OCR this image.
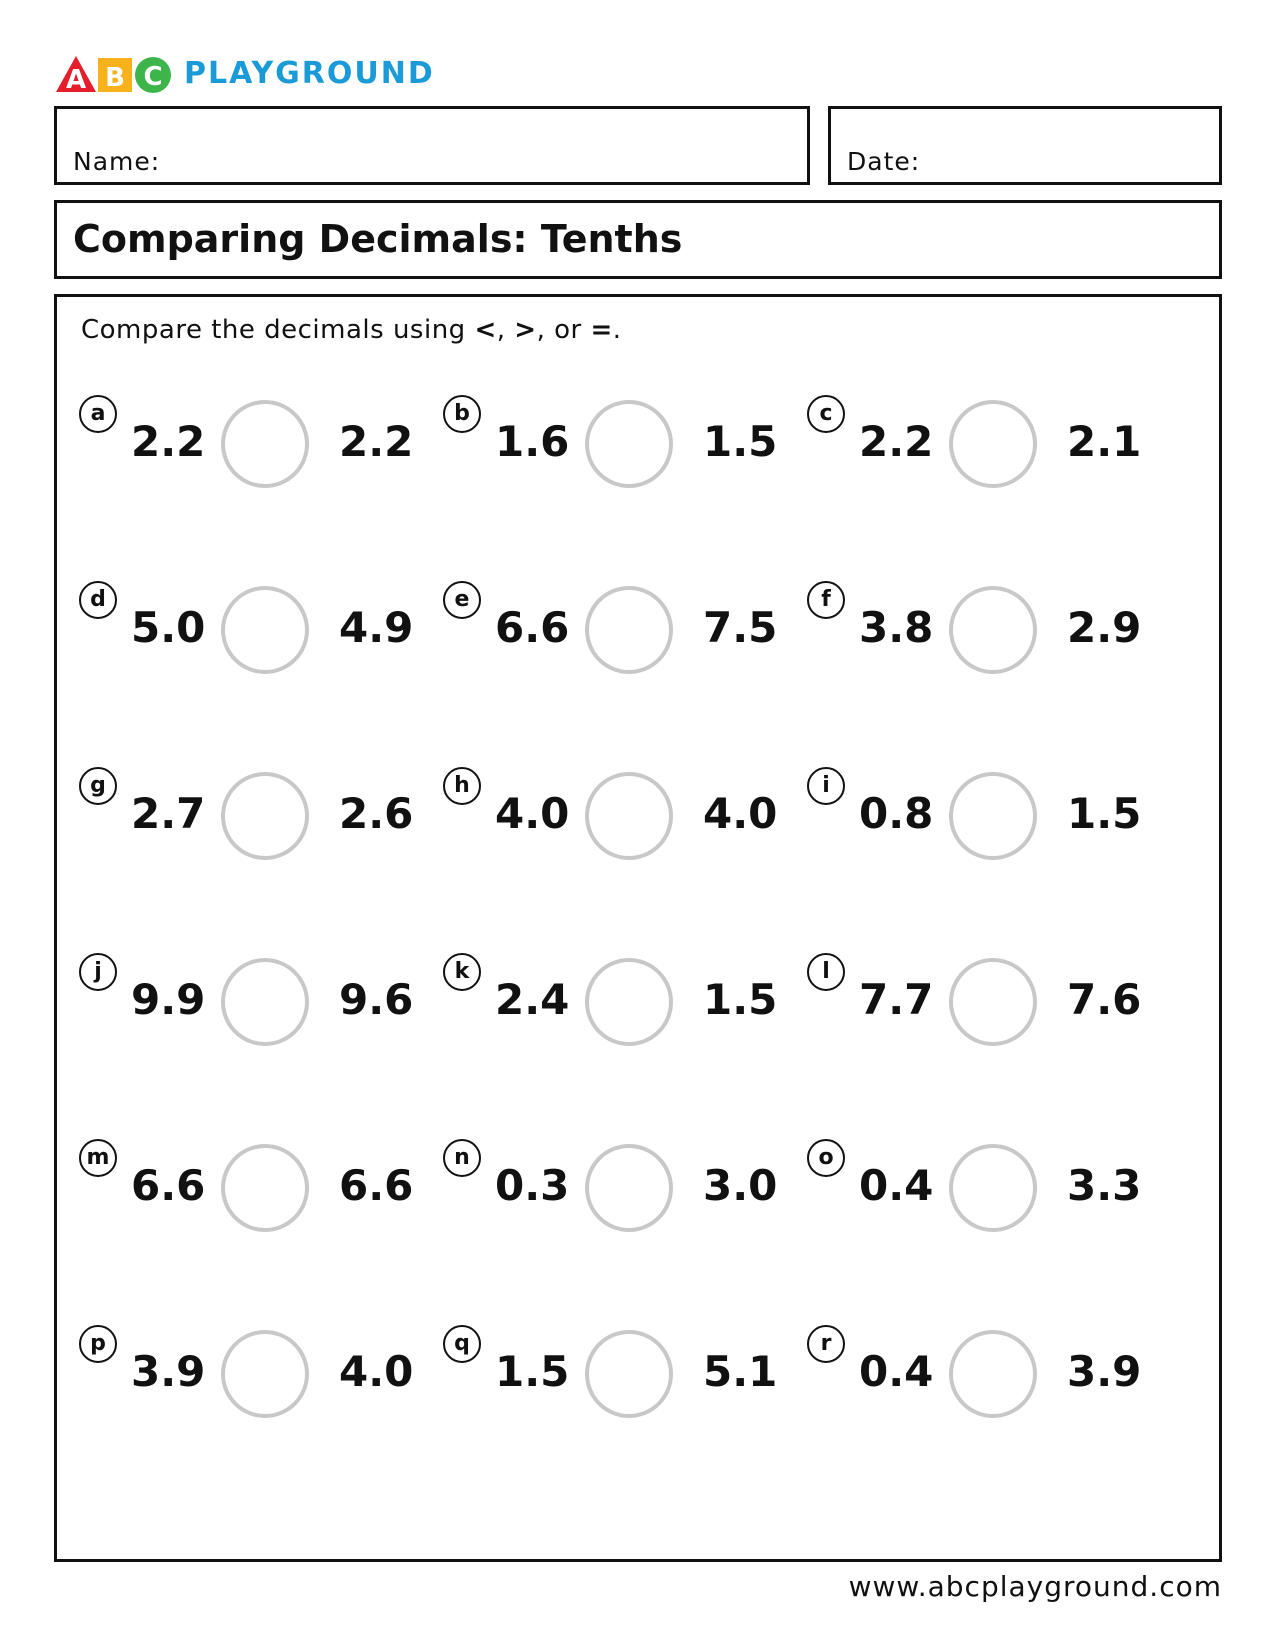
A B C PLAYGROUND
Name:	Date:
Comparing Decimals: Tenths
Compare the decimals using <, >, or =.
a
2.2	2.2
b
1.6	1.5
c
2.2	2.1
d
5.0	4.9
e
6.6	7.5
f
3.8	2.9
g
2.7	2.6
h
4.0	4.0
i
0.8	1.5
j
9.9	9.6
k
2.4	1.5
l
7.7	7.6
m
6.6	6.6
n
0.3	3.0
o
0.4	3.3
p
3.9	4.0
q
1.5	5.1
r
0.4	3.9
www.abcplayground.com
